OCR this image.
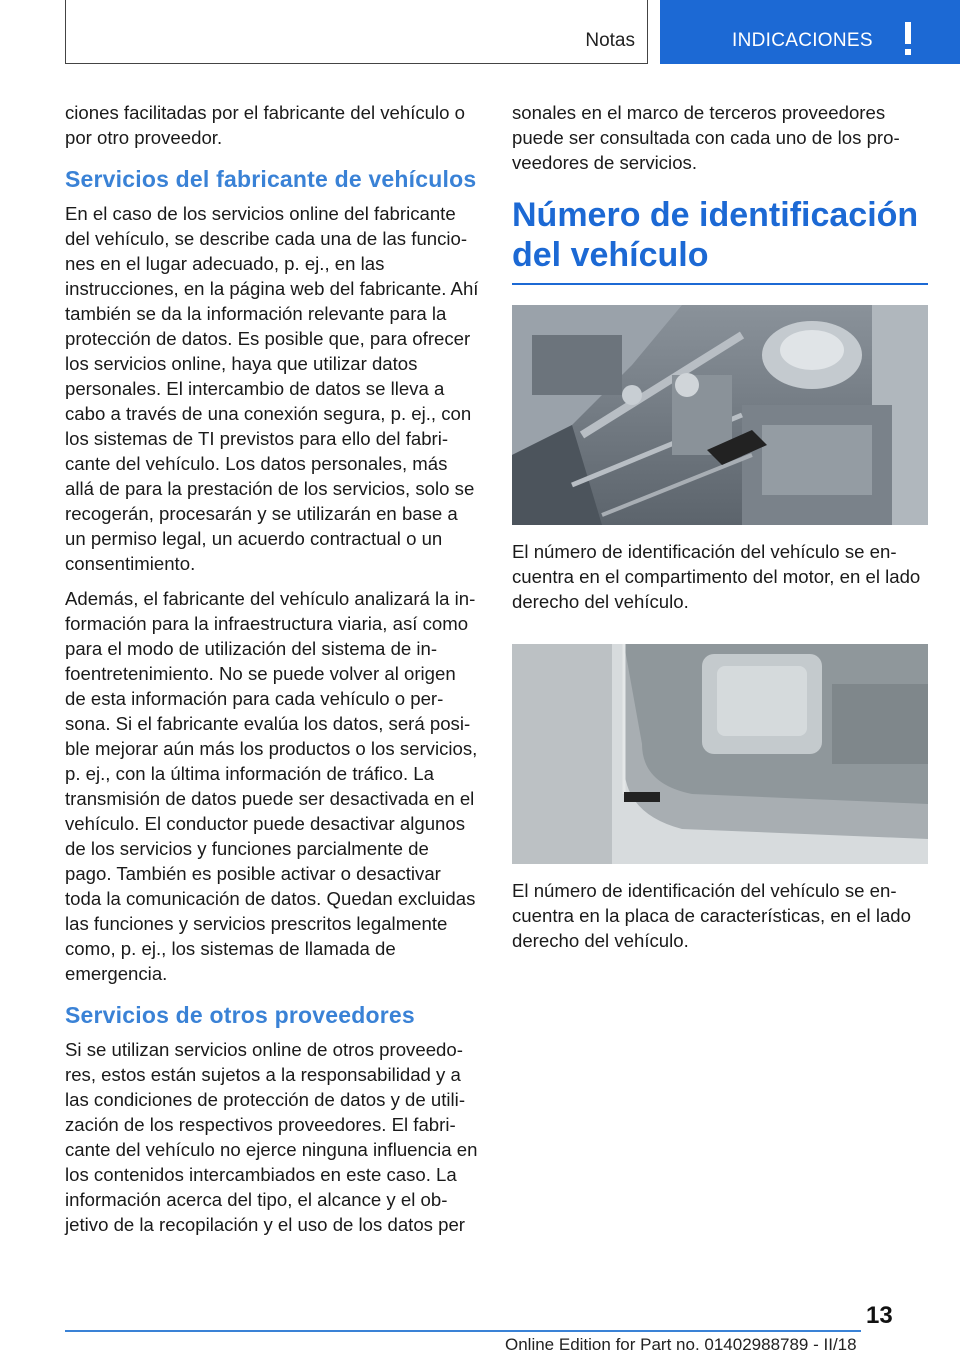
Notas	INDICACIONES

ciones facilitadas por el fabricante del vehículo o por otro proveedor.

Servicios del fabricante de vehículos

En el caso de los servicios online del fabricante del vehículo, se describe cada una de las funciones en el lugar adecuado, p. ej., en las instrucciones, en la página web del fabricante. Ahí también se da la información relevante para la protección de datos. Es posible que, para ofrecer los servicios online, haya que utilizar datos personales. El intercambio de datos se lleva a cabo a través de una conexión segura, p. ej., con los sistemas de TI previstos para ello del fabricante del vehículo. Los datos personales, más allá de para la prestación de los servicios, solo se recogerán, procesarán y se utilizarán en base a un permiso legal, un acuerdo contractual o un consentimiento.

Además, el fabricante del vehículo analizará la información para la infraestructura viaria, así como para el modo de utilización del sistema de infoentretenimiento. No se puede volver al origen de esta información para cada vehículo o persona. Si el fabricante evalúa los datos, será posible mejorar aún más los productos o los servicios, p. ej., con la última información de tráfico. La transmisión de datos puede ser desactivada en el vehículo. El conductor puede desactivar algunos de los servicios y funciones parcialmente de pago. También es posible activar o desactivar toda la comunicación de datos. Quedan excluidas las funciones y servicios prescritos legalmente como, p. ej., los sistemas de llamada de emergencia.

Servicios de otros proveedores

Si se utilizan servicios online de otros proveedores, estos están sujetos a la responsabilidad y a las condiciones de protección de datos y de utilización de los respectivos proveedores. El fabricante del vehículo no ejerce ninguna influencia en los contenidos intercambiados en este caso. La información acerca del tipo, el alcance y el objetivo de la recopilación y el uso de los datos per

sonales en el marco de terceros proveedores puede ser consultada con cada uno de los proveedores de servicios.

Número de identificación del vehículo

El número de identificación del vehículo se encuentra en el compartimento del motor, en el lado derecho del vehículo.

El número de identificación del vehículo se encuentra en la placa de características, en el lado derecho del vehículo.

13
Online Edition for Part no. 01402988789 - II/18
